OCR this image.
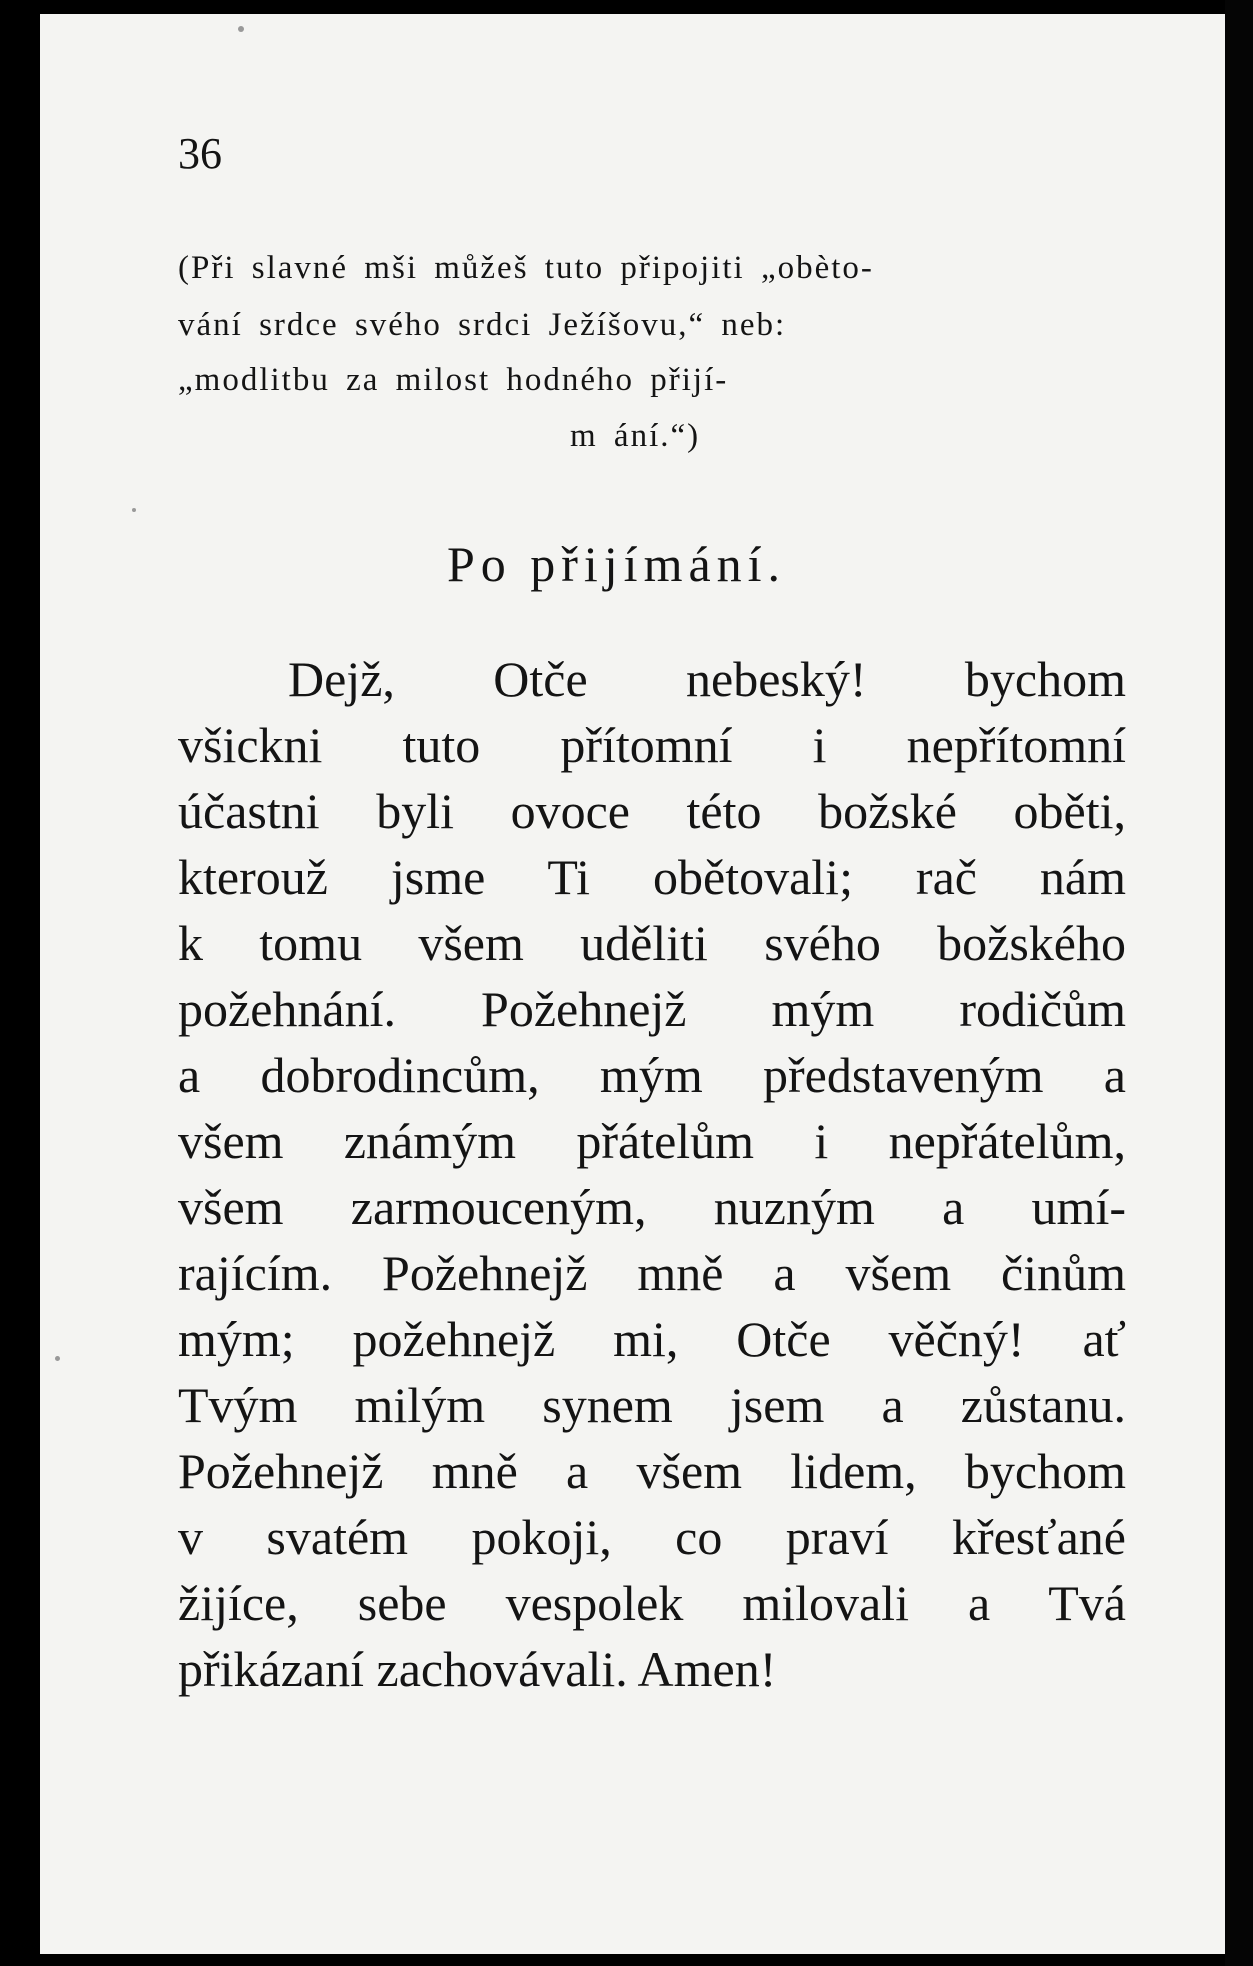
36
(Při slavné mši můžeš tuto připojiti „obèto-
vání srdce svého srdci Ježíšovu,“ neb:
„modlitbu za milost hodného přijí-
m ání.“)
Po přijímání.
Dejž, Otče nebeský! bychom
všickni tuto přítomní i nepřítomní
účastni byli ovoce této božské oběti,
kterouž jsme Ti obětovali; rač nám
k tomu všem uděliti svého božského
požehnání. Požehnejž mým rodičům
a dobrodincům, mým představeným a
všem známým přátelům i nepřátelům,
všem zarmouceným, nuzným a umí-
rajícím. Požehnejž mně a všem činům
mým; požehnejž mi, Otče věčný! ať
Tvým milým synem jsem a zůstanu.
Požehnejž mně a všem lidem, bychom
v svatém pokoji, co praví křesťané
žijíce, sebe vespolek milovali a Tvá
přikázaní zachovávali. Amen!
